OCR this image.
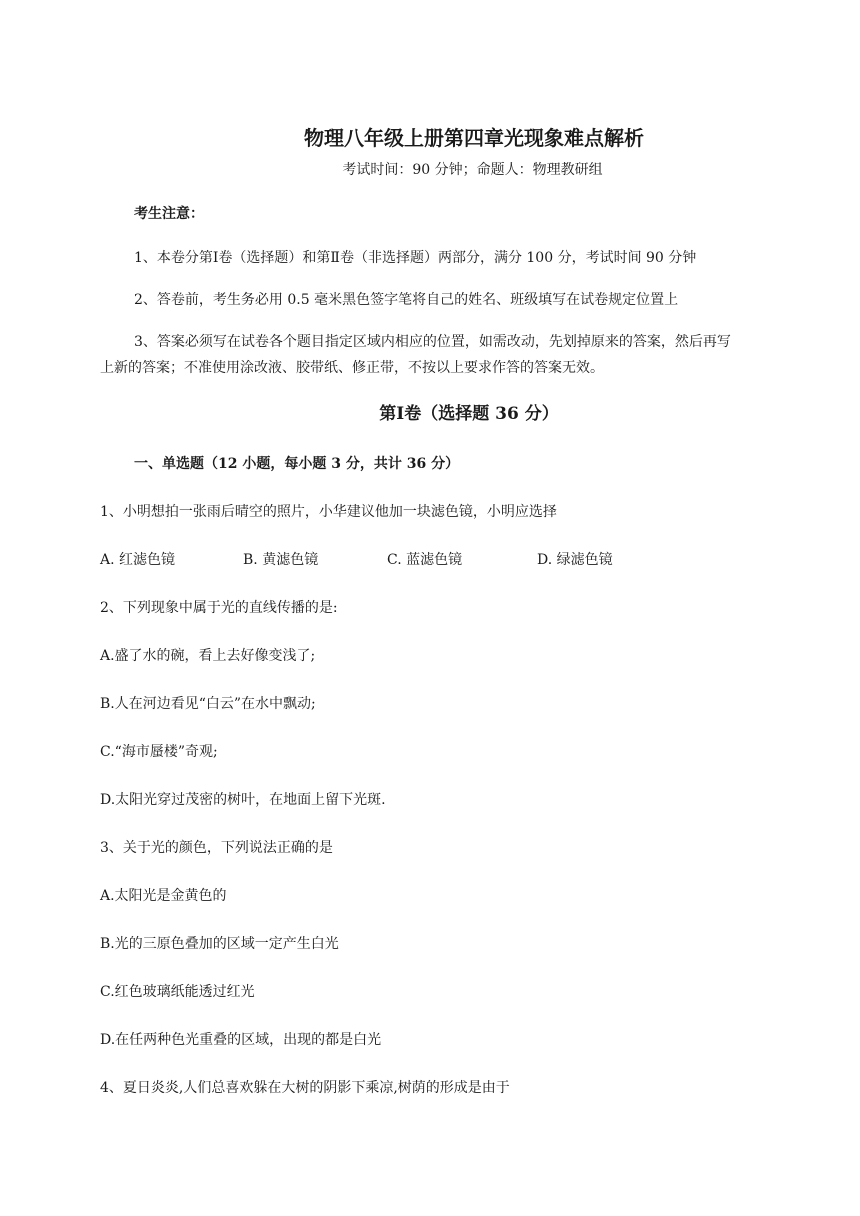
物理八年级上册第四章光现象难点解析
考试时间：90 分钟；命题人：物理教研组
考生注意：
1、本卷分第Ⅰ卷（选择题）和第Ⅱ卷（非选择题）两部分，满分 100 分，考试时间 90 分钟
2、答卷前，考生务必用 0.5 毫米黑色签字笔将自己的姓名、班级填写在试卷规定位置上
3、答案必须写在试卷各个题目指定区域内相应的位置，如需改动，先划掉原来的答案，然后再写
上新的答案；不准使用涂改液、胶带纸、修正带，不按以上要求作答的答案无效。
第Ⅰ卷（选择题 36 分）
一、单选题（12 小题，每小题 3 分，共计 36 分）
1、小明想拍一张雨后晴空的照片，小华建议他加一块滤色镜，小明应选择
A. 红滤色镜	B. 黄滤色镜	C. 蓝滤色镜	D. 绿滤色镜
2、下列现象中属于光的直线传播的是:
A.盛了水的碗，看上去好像变浅了;
B.人在河边看见“白云”在水中飘动;
C.“海市蜃楼”奇观;
D.太阳光穿过茂密的树叶，在地面上留下光斑.
3、关于光的颜色，下列说法正确的是
A.太阳光是金黄色的
B.光的三原色叠加的区域一定产生白光
C.红色玻璃纸能透过红光
D.在任两种色光重叠的区域，出现的都是白光
4、夏日炎炎,人们总喜欢躲在大树的阴影下乘凉,树荫的形成是由于
